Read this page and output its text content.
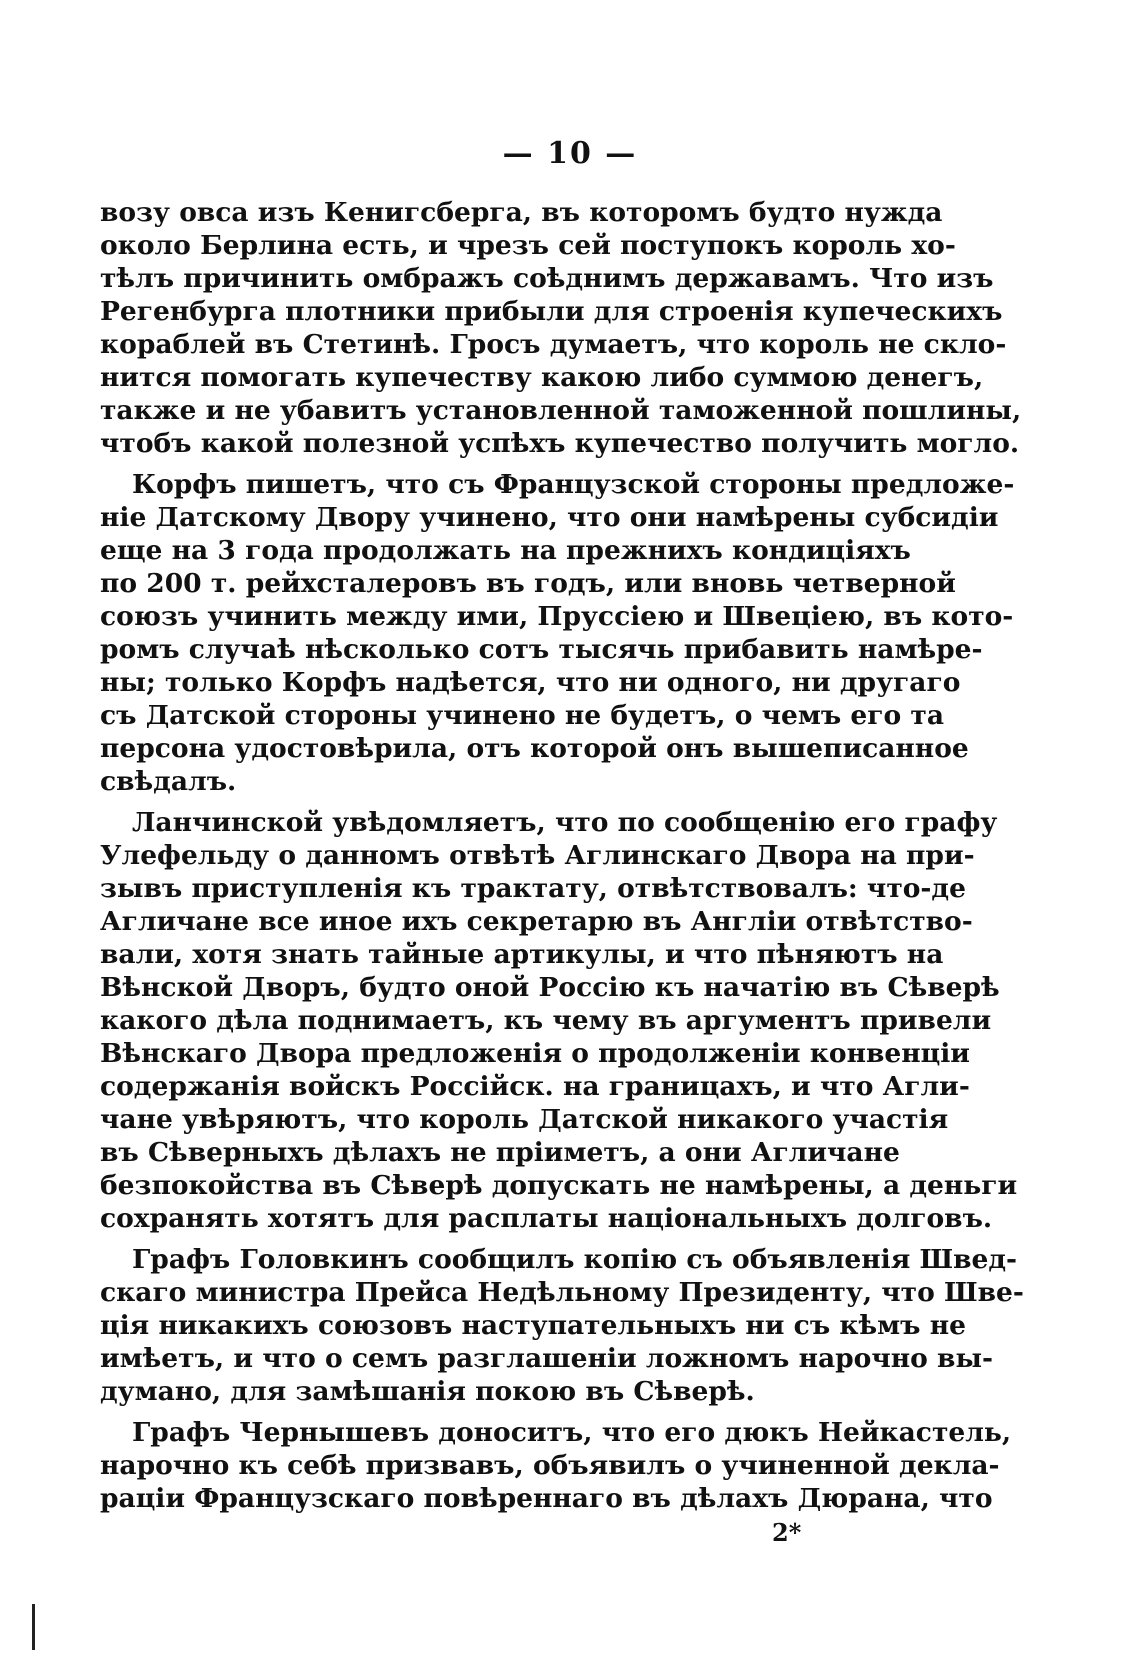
— 10 —
возу овса изъ Кенигсберга, въ которомъ будто нужда
около Берлина есть, и чрезъ сей поступокъ король хо-
тѣлъ причинить омбражъ соѣднимъ державамъ. Что изъ
Регенбурга плотники прибыли для строенія купеческихъ
кораблей въ Стетинѣ. Гросъ думаетъ, что король не скло-
нится помогать купечеству какою либо суммою денегъ,
также и не убавитъ установленной таможенной пошлины,
чтобъ какой полезной успѣхъ купечество получить могло.
Корфъ пишетъ, что съ Французской стороны предложе-
ніе Датскому Двору учинено, что они намѣрены субсидіи
еще на 3 года продолжать на прежнихъ кондиціяхъ
по 200 т. рейхсталеровъ въ годъ, или вновь четверной
союзъ учинить между ими, Пруссіею и Швеціею, въ кото-
ромъ случаѣ нѣсколько сотъ тысячь прибавить намѣре-
ны; только Корфъ надѣется, что ни одного, ни другаго
съ Датской стороны учинено не будетъ, о чемъ его та
персона удостовѣрила, отъ которой онъ вышеписанное
свѣдалъ.
Ланчинской увѣдомляетъ, что по сообщенію его графу
Улефельду о данномъ отвѣтѣ Аглинскаго Двора на при-
зывъ приступленія къ трактату, отвѣтствовалъ: что-де
Агличане все иное ихъ секретарю въ Англіи отвѣтство-
вали, хотя знать тайные артикулы, и что пѣняютъ на
Вѣнской Дворъ, будто оной Россію къ начатію въ Сѣверѣ
какого дѣла поднимаетъ, къ чему въ аргументъ привели
Вѣнскаго Двора предложенія о продолженіи конвенціи
содержанія войскъ Россійск. на границахъ, и что Агли-
чане увѣряютъ, что король Датской никакого участія
въ Сѣверныхъ дѣлахъ не пріиметъ, а они Агличане
безпокойства въ Сѣверѣ допускать не намѣрены, а деньги
сохранять хотятъ для расплаты національныхъ долговъ.
Графъ Головкинъ сообщилъ копію съ объявленія Швед-
скаго министра Прейса Недѣльному Президенту, что Шве-
ція никакихъ союзовъ наступательныхъ ни съ кѣмъ не
имѣетъ, и что о семъ разглашеніи ложномъ нарочно вы-
думано, для замѣшанія покою въ Сѣверѣ.
Графъ Чернышевъ доноситъ, что его дюкъ Нейкастель,
нарочно къ себѣ призвавъ, объявилъ о учиненной декла-
раціи Французскаго повѣреннаго въ дѣлахъ Дюрана, что
2*
